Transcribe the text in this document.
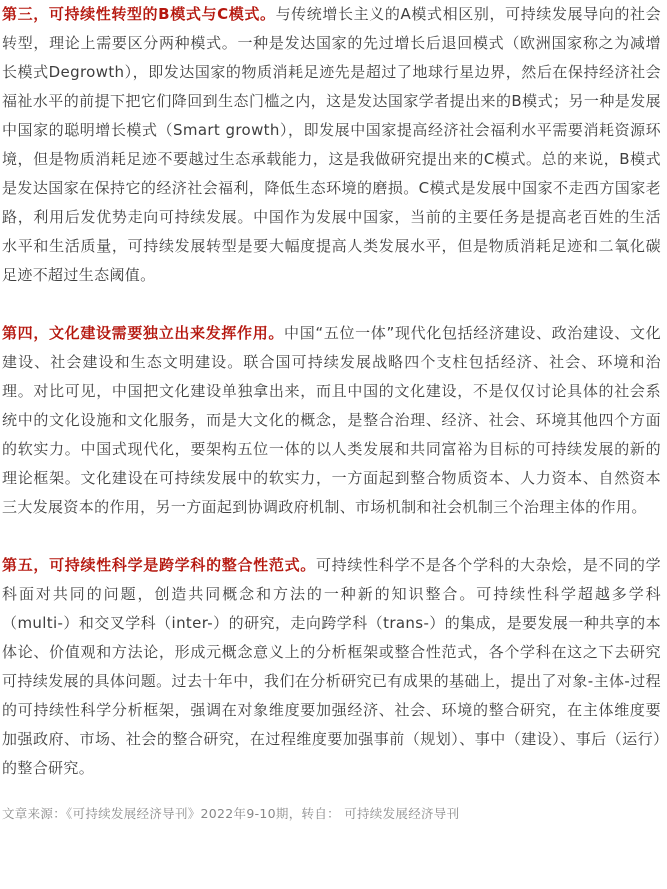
第三，可持续性转型的B模式与C模式。与传统增长主义的A模式相区别，可持续发展导向的社会转型，理论上需要区分两种模式。一种是发达国家的先过增长后退回模式（欧洲国家称之为减增长模式Degrowth），即发达国家的物质消耗足迹先是超过了地球行星边界，然后在保持经济社会福祉水平的前提下把它们降回到生态门槛之内，这是发达国家学者提出来的B模式；另一种是发展中国家的聪明增长模式（Smart growth），即发展中国家提高经济社会福利水平需要消耗资源环境，但是物质消耗足迹不要越过生态承载能力，这是我做研究提出来的C模式。总的来说，B模式是发达国家在保持它的经济社会福利，降低生态环境的磨损。C模式是发展中国家不走西方国家老路，利用后发优势走向可持续发展。中国作为发展中国家，当前的主要任务是提高老百姓的生活水平和生活质量，可持续发展转型是要大幅度提高人类发展水平，但是物质消耗足迹和二氧化碳足迹不超过生态阈值。

第四，文化建设需要独立出来发挥作用。中国“五位一体”现代化包括经济建设、政治建设、文化建设、社会建设和生态文明建设。联合国可持续发展战略四个支柱包括经济、社会、环境和治理。对比可见，中国把文化建设单独拿出来，而且中国的文化建设，不是仅仅讨论具体的社会系统中的文化设施和文化服务，而是大文化的概念，是整合治理、经济、社会、环境其他四个方面的软实力。中国式现代化，要架构五位一体的以人类发展和共同富裕为目标的可持续发展的新的理论框架。文化建设在可持续发展中的软实力，一方面起到整合物质资本、人力资本、自然资本三大发展资本的作用，另一方面起到协调政府机制、市场机制和社会机制三个治理主体的作用。

第五，可持续性科学是跨学科的整合性范式。可持续性科学不是各个学科的大杂烩，是不同的学科面对共同的问题，创造共同概念和方法的一种新的知识整合。可持续性科学超越多学科（multi-）和交叉学科（inter-）的研究，走向跨学科（trans-）的集成，是要发展一种共享的本体论、价值观和方法论，形成元概念意义上的分析框架或整合性范式，各个学科在这之下去研究可持续发展的具体问题。过去十年中，我们在分析研究已有成果的基础上，提出了对象-主体-过程的可持续性科学分析框架，强调在对象维度要加强经济、社会、环境的整合研究，在主体维度要加强政府、市场、社会的整合研究，在过程维度要加强事前（规划）、事中（建设）、事后（运行）的整合研究。

文章来源：《可持续发展经济导刊》2022年9-10期，转自： 可持续发展经济导刊
